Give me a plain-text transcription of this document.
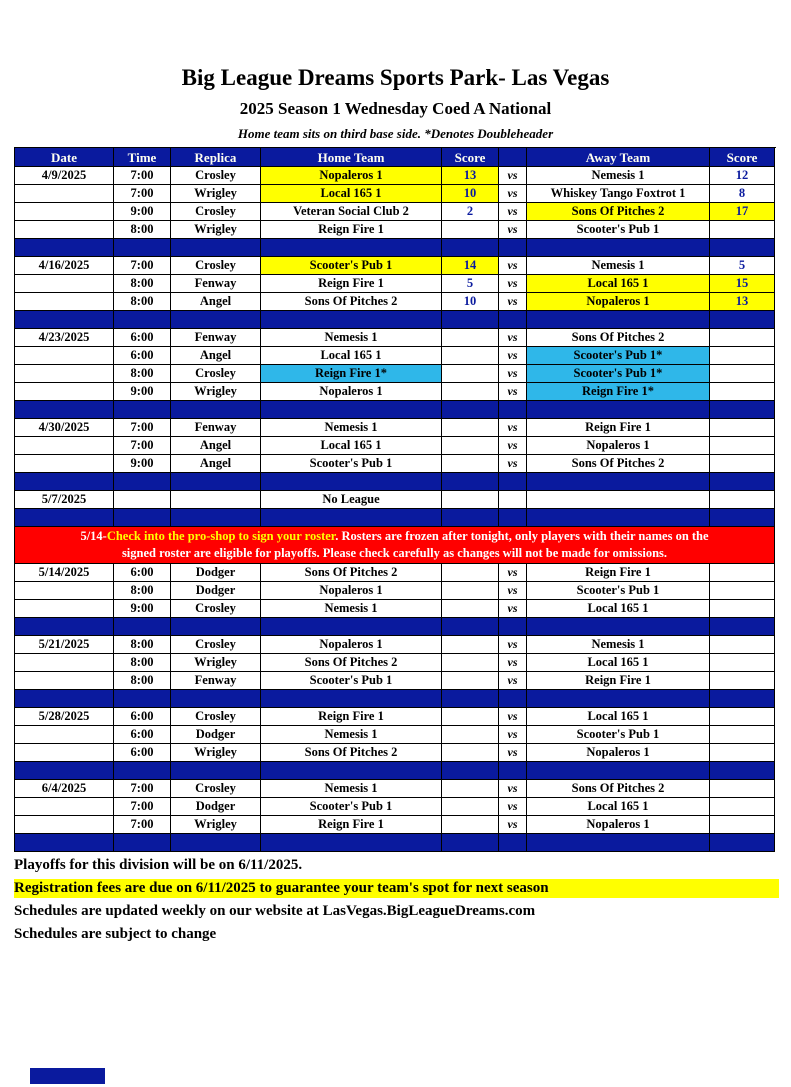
Big League Dreams Sports Park- Las Vegas
2025 Season 1 Wednesday Coed A National
Home team sits on third base side. *Denotes Doubleheader
Date	Time	Replica	Home Team	Score	Away Team	Score
4/9/2025	7:00	Crosley	Nopaleros 1	13	vs	Nemesis 1	12
7:00	Wrigley	Local 165 1	10	vs	Whiskey Tango Foxtrot 1	8
9:00	Crosley	Veteran Social Club 2	2	vs	Sons Of Pitches 2	17
8:00	Wrigley	Reign Fire 1	vs	Scooter's Pub 1
4/16/2025	7:00	Crosley	Scooter's Pub 1	14	vs	Nemesis 1	5
8:00	Fenway	Reign Fire 1	5	vs	Local 165 1	15
8:00	Angel	Sons Of Pitches 2	10	vs	Nopaleros 1	13
4/23/2025	6:00	Fenway	Nemesis 1	vs	Sons Of Pitches 2
6:00	Angel	Local 165 1	vs	Scooter's Pub 1*
8:00	Crosley	Reign Fire 1*	vs	Scooter's Pub 1*
9:00	Wrigley	Nopaleros 1	vs	Reign Fire 1*
4/30/2025	7:00	Fenway	Nemesis 1	vs	Reign Fire 1
7:00	Angel	Local 165 1	vs	Nopaleros 1
9:00	Angel	Scooter's Pub 1	vs	Sons Of Pitches 2
5/7/2025	No League
5/14-Check into the pro-shop to sign your roster. Rosters are frozen after tonight, only players with their names on the
signed roster are eligible for playoffs. Please check carefully as changes will not be made for omissions.
5/14/2025	6:00	Dodger	Sons Of Pitches 2	vs	Reign Fire 1
8:00	Dodger	Nopaleros 1	vs	Scooter's Pub 1
9:00	Crosley	Nemesis 1	vs	Local 165 1
5/21/2025	8:00	Crosley	Nopaleros 1	vs	Nemesis 1
8:00	Wrigley	Sons Of Pitches 2	vs	Local 165 1
8:00	Fenway	Scooter's Pub 1	vs	Reign Fire 1
5/28/2025	6:00	Crosley	Reign Fire 1	vs	Local 165 1
6:00	Dodger	Nemesis 1	vs	Scooter's Pub 1
6:00	Wrigley	Sons Of Pitches 2	vs	Nopaleros 1
6/4/2025	7:00	Crosley	Nemesis 1	vs	Sons Of Pitches 2
7:00	Dodger	Scooter's Pub 1	vs	Local 165 1
7:00	Wrigley	Reign Fire 1	vs	Nopaleros 1
Playoffs for this division will be on 6/11/2025.
Registration fees are due on 6/11/2025 to guarantee your team's spot for next season
Schedules are updated weekly on our website at LasVegas.BigLeagueDreams.com
Schedules are subject to change
